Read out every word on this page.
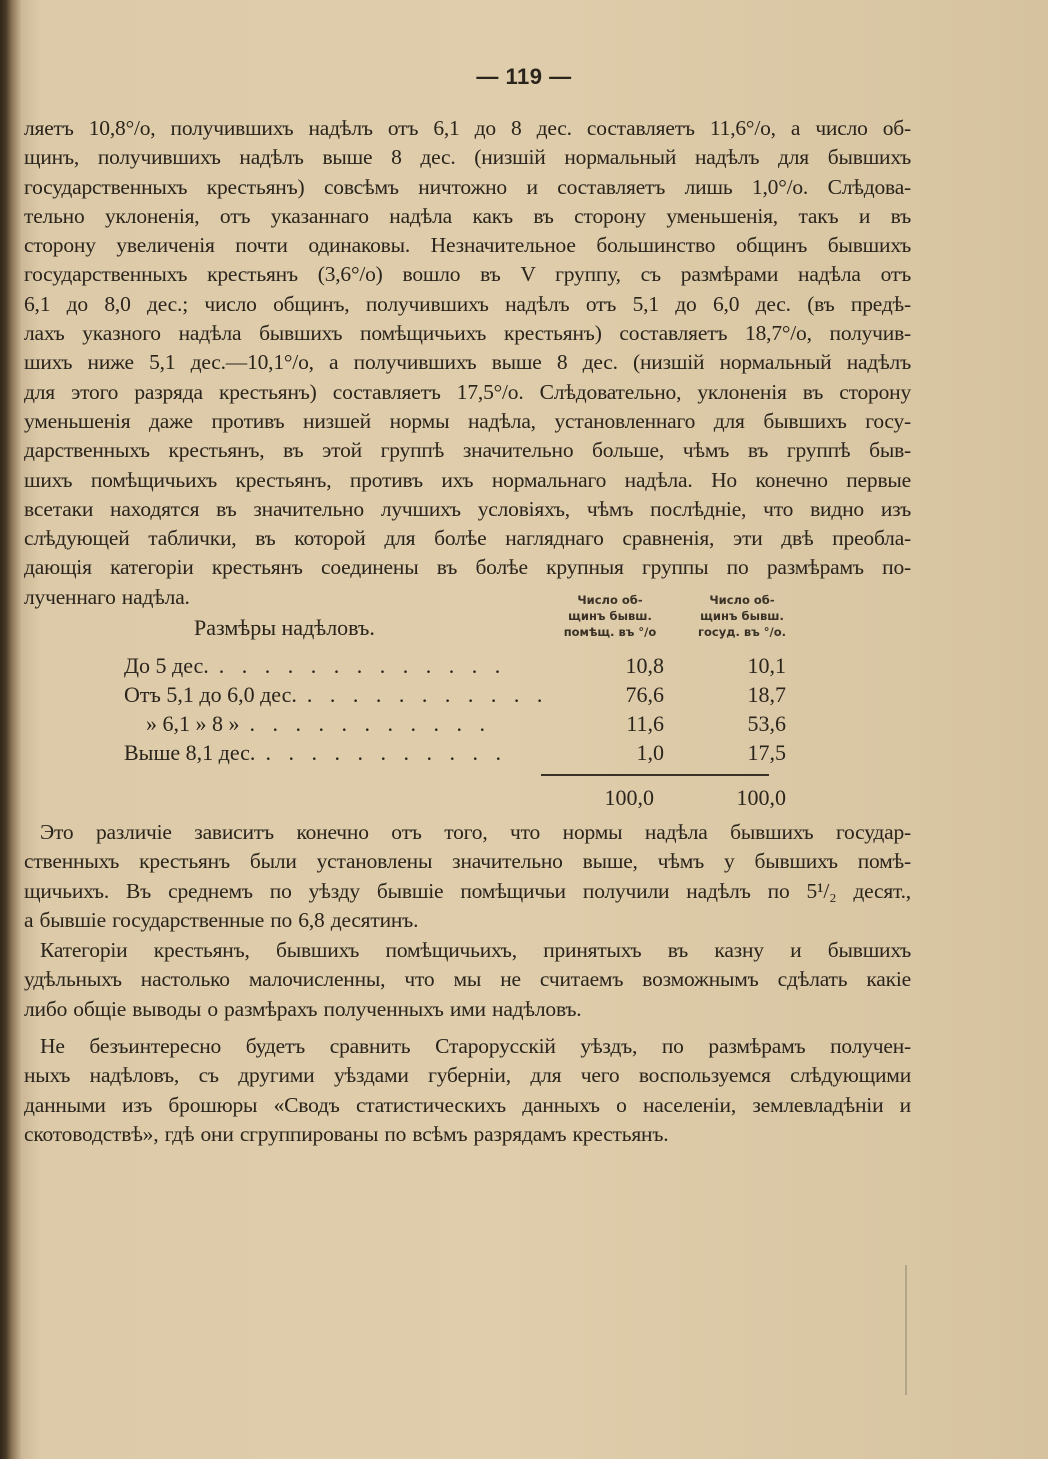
— 119 —
ляетъ 10,8°/о, получившихъ надѣлъ отъ 6,1 до 8 дес. составляетъ 11,6°/о, а число об-
щинъ, получившихъ надѣлъ выше 8 дес. (низшій нормальный надѣлъ для бывшихъ
государственныхъ крестьянъ) совсѣмъ ничтожно и составляетъ лишь 1,0°/о. Слѣдова-
тельно уклоненія, отъ указаннаго надѣла какъ въ сторону уменьшенія, такъ и въ
сторону увеличенія почти одинаковы. Незначительное большинство общинъ бывшихъ
государственныхъ крестьянъ (3,6°/о) вошло въ V группу, съ размѣрами надѣла отъ
6,1 до 8,0 дес.; число общинъ, получившихъ надѣлъ отъ 5,1 до 6,0 дес. (въ предѣ-
лахъ указного надѣла бывшихъ помѣщичьихъ крестьянъ) составляетъ 18,7°/о, получив-
шихъ ниже 5,1 дес.—10,1°/о, а получившихъ выше 8 дес. (низшій нормальный надѣлъ
для этого разряда крестьянъ) составляетъ 17,5°/о. Слѣдовательно, уклоненія въ сторону
уменьшенія даже противъ низшей нормы надѣла, установленнаго для бывшихъ госу-
дарственныхъ крестьянъ, въ этой группѣ значительно больше, чѣмъ въ группѣ быв-
шихъ помѣщичьихъ крестьянъ, противъ ихъ нормальнаго надѣла. Но конечно первые
всетаки находятся въ значительно лучшихъ условіяхъ, чѣмъ послѣдніе, что видно изъ
слѣдующей таблички, въ которой для болѣе нагляднаго сравненія, эти двѣ преобла-
дающія категоріи крестьянъ соединены въ болѣе крупныя группы по размѣрамъ по-
лученнаго надѣла.
Размѣры надѣловъ.
Число об-
щинъ бывш.
помѣщ. въ °/о
Число об-
щинъ бывш.
госуд. въ °/о.
До 5 дес. . . . . . . . . . . . . .	10,8	10,1
Отъ 5,1 до 6,0 дес. . . . . . . . . . . .	76,6	18,7
» 6,1 » 8 » . . . . . . . . . . .	11,6	53,6
Выше 8,1 дес. . . . . . . . . . . .	1,0	17,5
100,0	100,0
Это различіе зависитъ конечно отъ того, что нормы надѣла бывшихъ государ-
ственныхъ крестьянъ были установлены значительно выше, чѣмъ у бывшихъ помѣ-
щичьихъ. Въ среднемъ по уѣзду бывшіе помѣщичьи получили надѣлъ по 5¹/₂ десят.,
а бывшіе государственные по 6,8 десятинъ.
Категоріи крестьянъ, бывшихъ помѣщичьихъ, принятыхъ въ казну и бывшихъ
удѣльныхъ настолько малочисленны, что мы не считаемъ возможнымъ сдѣлать какіе
либо общіе выводы о размѣрахъ полученныхъ ими надѣловъ.
Не безъинтересно будетъ сравнить Старорусскій уѣздъ, по размѣрамъ получен-
ныхъ надѣловъ, съ другими уѣздами губерніи, для чего воспользуемся слѣдующими
данными изъ брошюры «Сводъ статистическихъ данныхъ о населеніи, землевладѣніи и
скотоводствѣ», гдѣ они сгруппированы по всѣмъ разрядамъ крестьянъ.
